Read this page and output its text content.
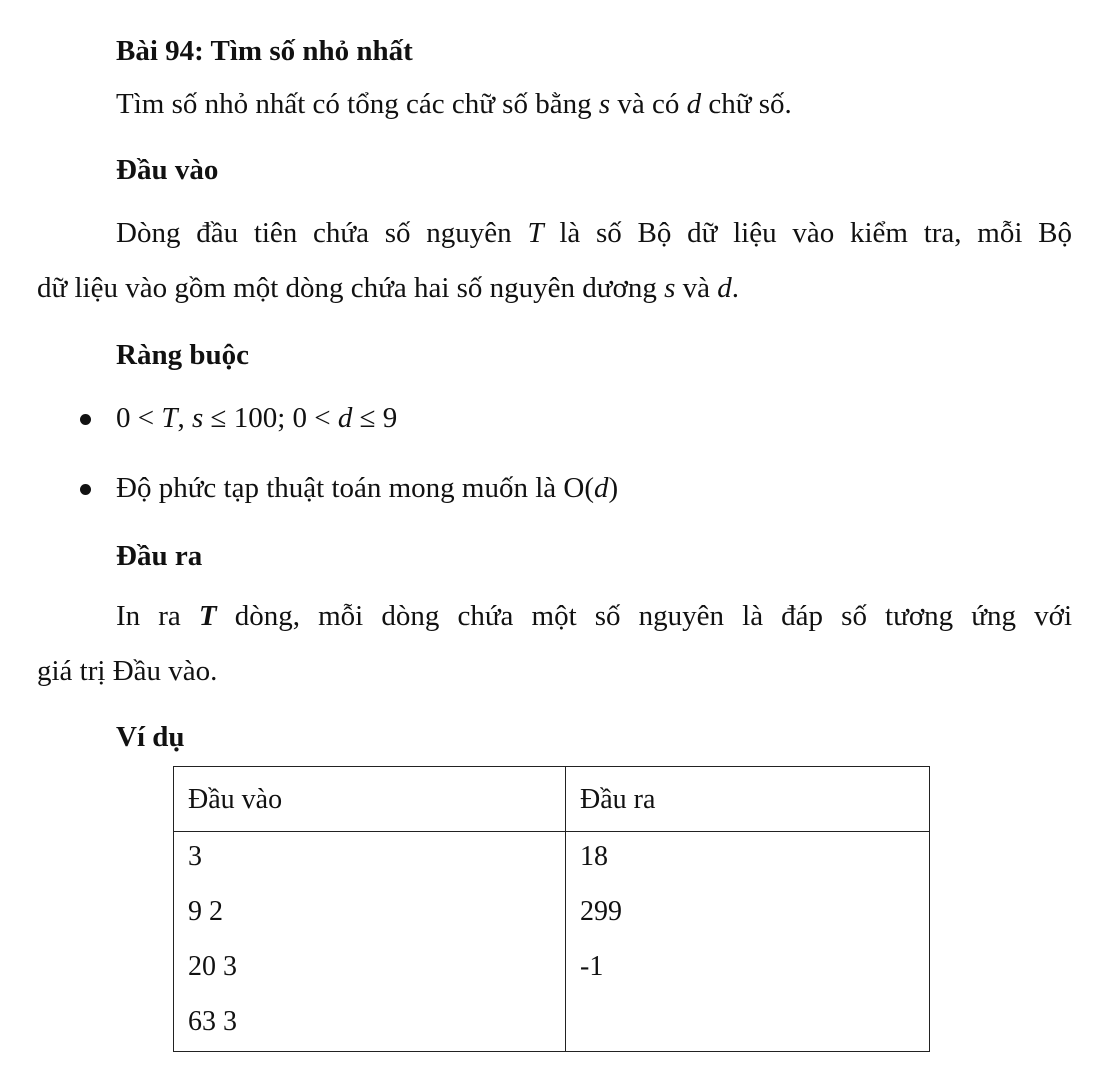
Bài 94: Tìm số nhỏ nhất
Tìm số nhỏ nhất có tổng các chữ số bằng s và có d chữ số.
Đầu vào
Dòng đầu tiên chứa số nguyên T là số Bộ dữ liệu vào kiểm tra, mỗi Bộ
dữ liệu vào gồm một dòng chứa hai số nguyên dương s và d.
Ràng buộc
0 < T, s ≤ 100; 0 < d ≤ 9
Độ phức tạp thuật toán mong muốn là O(d)
Đầu ra
In ra T dòng, mỗi dòng chứa một số nguyên là đáp số tương ứng với
giá trị Đầu vào.
Ví dụ
Đầu vào	Đầu ra
3	18
9 2	299
20 3	-1
63 3	
